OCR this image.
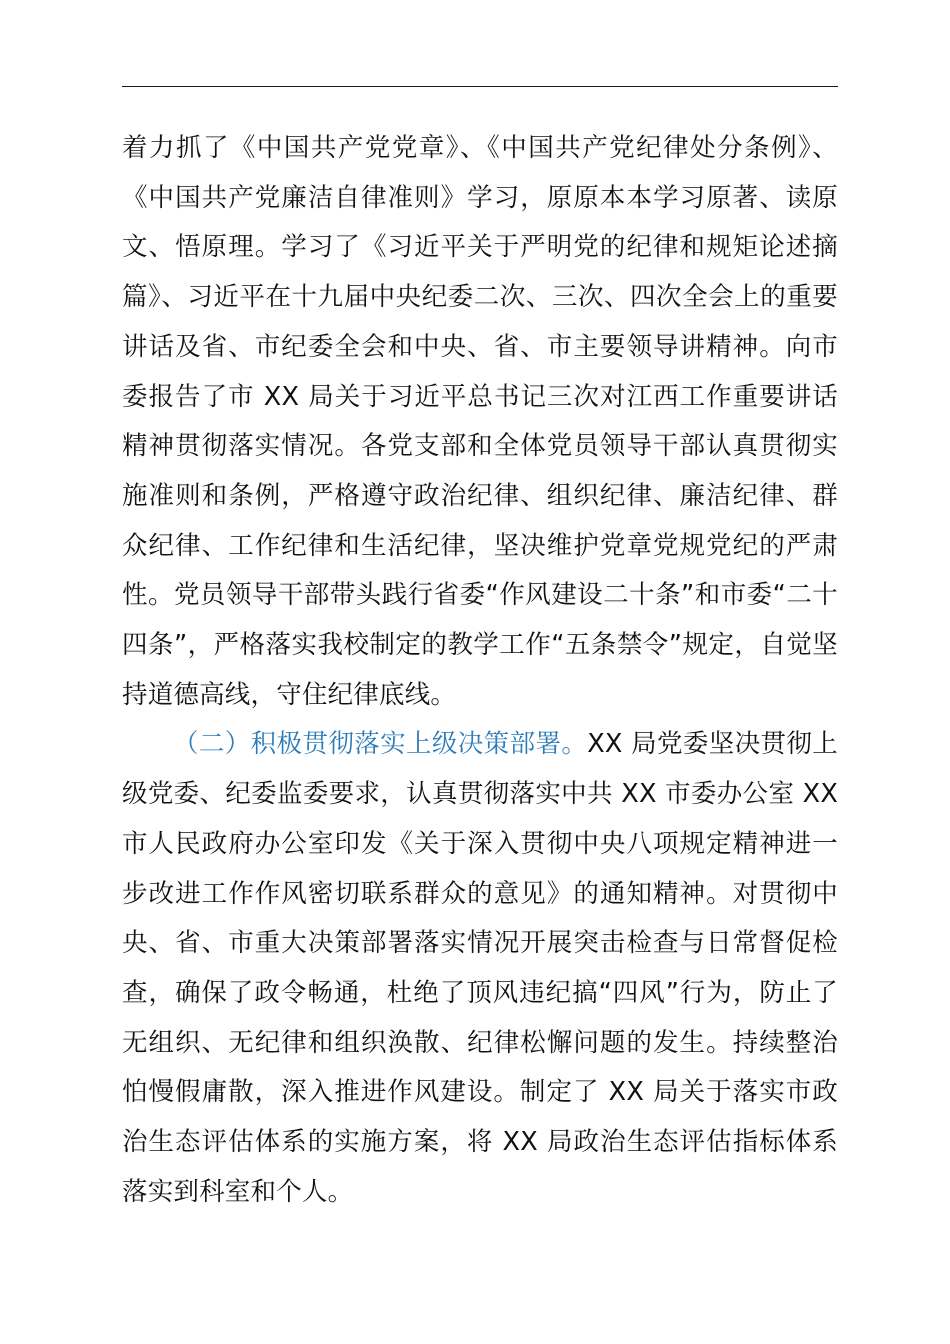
着力抓了《中国共产党党章》、《中国共产党纪律处分条例》、《中国共产党廉洁自律准则》学习，原原本本学习原著、读原文、悟原理。学习了《习近平关于严明党的纪律和规矩论述摘篇》、习近平在十九届中央纪委二次、三次、四次全会上的重要讲话及省、市纪委全会和中央、省、市主要领导讲精神。向市委报告了市 XX 局关于习近平总书记三次对江西工作重要讲话精神贯彻落实情况。各党支部和全体党员领导干部认真贯彻实施准则和条例，严格遵守政治纪律、组织纪律、廉洁纪律、群众纪律、工作纪律和生活纪律，坚决维护党章党规党纪的严肃性。党员领导干部带头践行省委“作风建设二十条”和市委“二十四条”，严格落实我校制定的教学工作“五条禁令”规定，自觉坚持道德高线，守住纪律底线。

（二）积极贯彻落实上级决策部署。XX 局党委坚决贯彻上级党委、纪委监委要求，认真贯彻落实中共 XX 市委办公室 XX 市人民政府办公室印发《关于深入贯彻中央八项规定精神进一步改进工作作风密切联系群众的意见》的通知精神。对贯彻中央、省、市重大决策部署落实情况开展突击检查与日常督促检查，确保了政令畅通，杜绝了顶风违纪搞“四风”行为，防止了无组织、无纪律和组织涣散、纪律松懈问题的发生。持续整治怕慢假庸散，深入推进作风建设。制定了 XX 局关于落实市政治生态评估体系的实施方案，将 XX 局政治生态评估指标体系落实到科室和个人。
